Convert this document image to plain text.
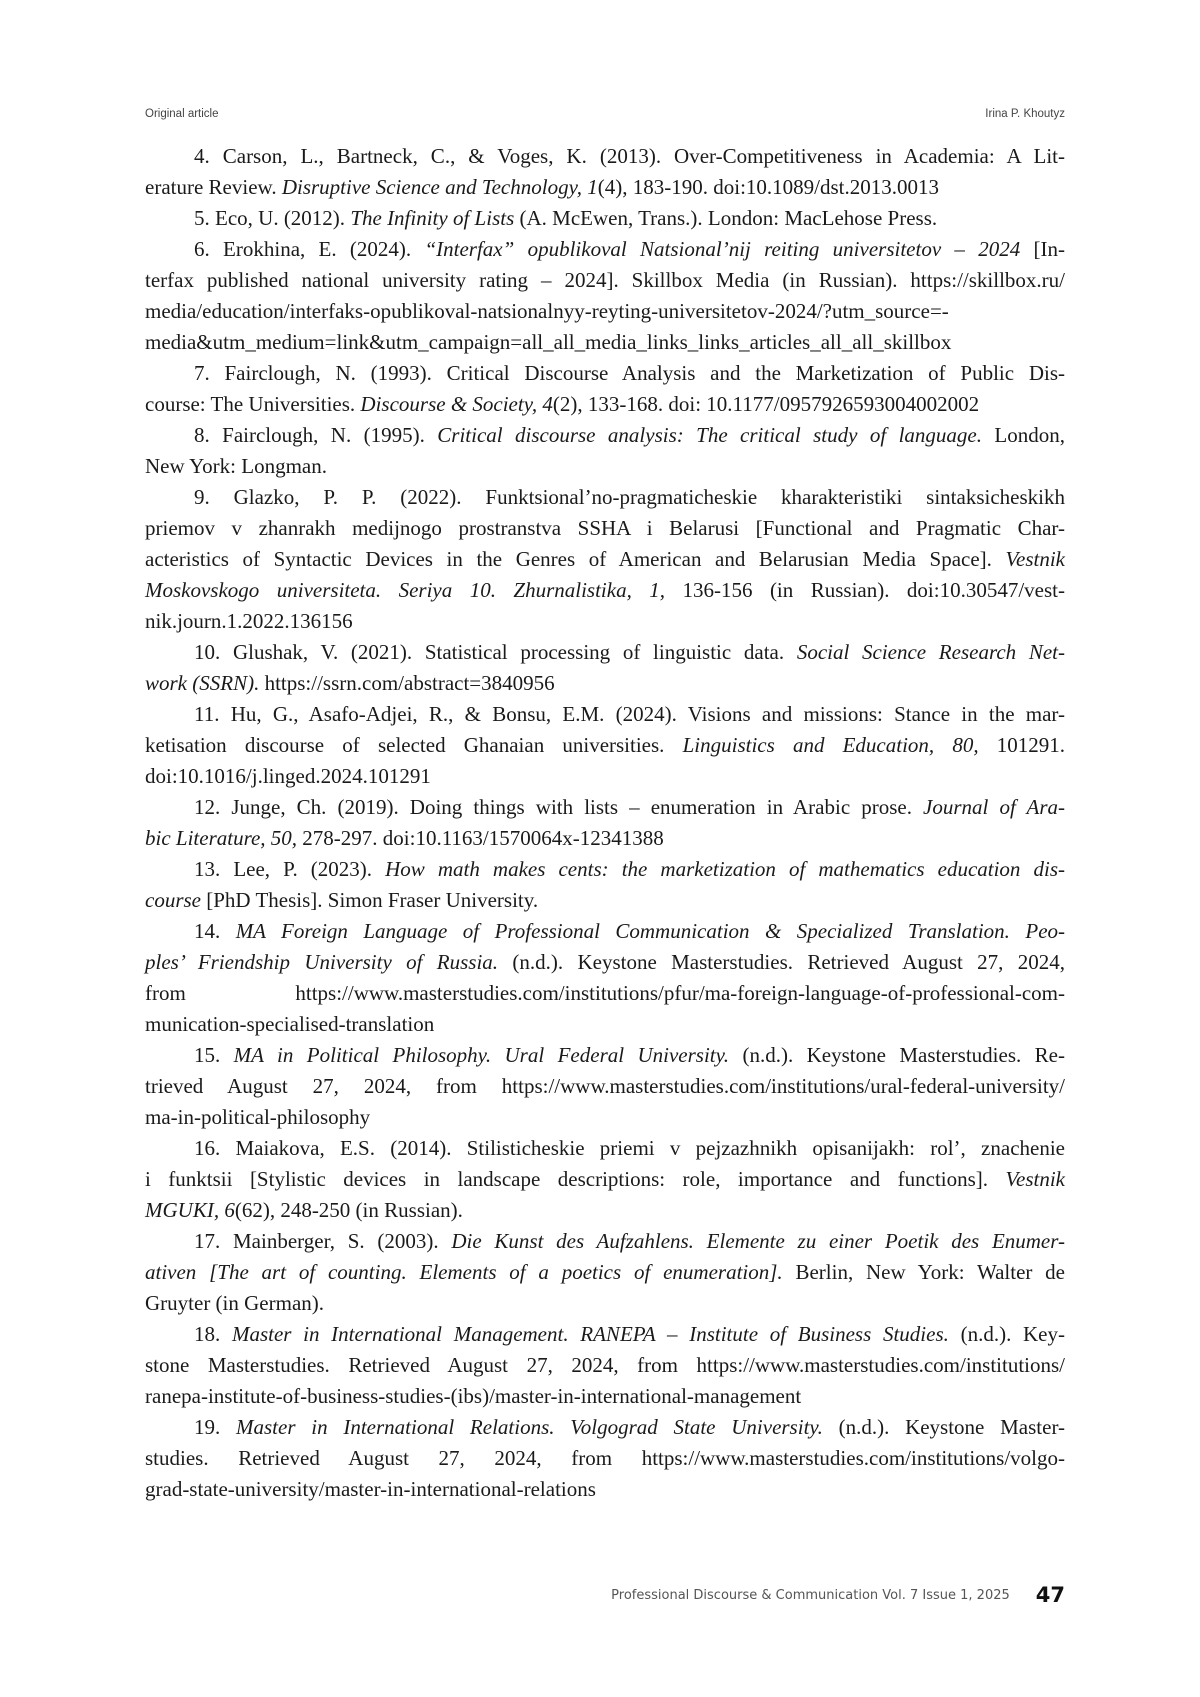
Original article	Irina P. Khoutyz
4. Carson, L., Bartneck, C., & Voges, K. (2013). Over-Competitiveness in Academia: A Lit-
erature Review. Disruptive Science and Technology, 1(4), 183-190. doi:10.1089/dst.2013.0013
5. Eco, U. (2012). The Infinity of Lists (A. McEwen, Trans.). London: MacLehose Press.
6. Erokhina, E. (2024). “Interfax” opublikoval Natsional’nij reiting universitetov – 2024 [In-
terfax published national university rating – 2024]. Skillbox Media (in Russian). https://skillbox.ru/
media/education/interfaks-opublikoval-natsionalnyy-reyting-universitetov-2024/?utm_source=-
media&utm_medium=link&utm_campaign=all_all_media_links_links_articles_all_all_skillbox
7. Fairclough, N. (1993). Critical Discourse Analysis and the Marketization of Public Dis-
course: The Universities. Discourse & Society, 4(2), 133-168. doi: 10.1177/0957926593004002002
8. Fairclough, N. (1995). Critical discourse analysis: The critical study of language. London,
New York: Longman.
9. Glazko, P. P. (2022). Funktsional’no-pragmaticheskie kharakteristiki sintaksicheskikh
priemov v zhanrakh medijnogo prostranstva SSHA i Belarusi [Functional and Pragmatic Char-
acteristics of Syntactic Devices in the Genres of American and Belarusian Media Space]. Vestnik
Moskovskogo universiteta. Seriya 10. Zhurnalistika, 1, 136-156 (in Russian). doi:10.30547/vest-
nik.journ.1.2022.136156
10. Glushak, V. (2021). Statistical processing of linguistic data. Social Science Research Net-
work (SSRN). https://ssrn.com/abstract=3840956
11. Hu, G., Asafo-Adjei, R., & Bonsu, E.M. (2024). Visions and missions: Stance in the mar-
ketisation discourse of selected Ghanaian universities. Linguistics and Education, 80, 101291.
doi:10.1016/j.linged.2024.101291
12. Junge, Ch. (2019). Doing things with lists – enumeration in Arabic prose. Journal of Ara-
bic Literature, 50, 278-297. doi:10.1163/1570064x-12341388
13. Lee, P. (2023). How math makes cents: the marketization of mathematics education dis-
course [PhD Thesis]. Simon Fraser University.
14. MA Foreign Language of Professional Communication & Specialized Translation. Peo-
ples’ Friendship University of Russia. (n.d.). Keystone Masterstudies. Retrieved August 27, 2024,
from https://www.masterstudies.com/institutions/pfur/ma-foreign-language-of-professional-com-
munication-specialised-translation
15. MA in Political Philosophy. Ural Federal University. (n.d.). Keystone Masterstudies. Re-
trieved August 27, 2024, from https://www.masterstudies.com/institutions/ural-federal-university/
ma-in-political-philosophy
16. Maiakova, E.S. (2014). Stilisticheskie priemi v pejzazhnikh opisanijakh: rol’, znachenie
i funktsii [Stylistic devices in landscape descriptions: role, importance and functions]. Vestnik
MGUKI, 6(62), 248-250 (in Russian).
17. Mainberger, S. (2003). Die Kunst des Aufzahlens. Elemente zu einer Poetik des Enumer-
ativen [The art of counting. Elements of a poetics of enumeration]. Berlin, New York: Walter de
Gruyter (in German).
18. Master in International Management. RANEPA – Institute of Business Studies. (n.d.). Key-
stone Masterstudies. Retrieved August 27, 2024, from https://www.masterstudies.com/institutions/
ranepa-institute-of-business-studies-(ibs)/master-in-international-management
19. Master in International Relations. Volgograd State University. (n.d.). Keystone Master-
studies. Retrieved August 27, 2024, from https://www.masterstudies.com/institutions/volgo-
grad-state-university/master-in-international-relations
Professional Discourse & Communication Vol. 7 Issue 1, 2025 47
